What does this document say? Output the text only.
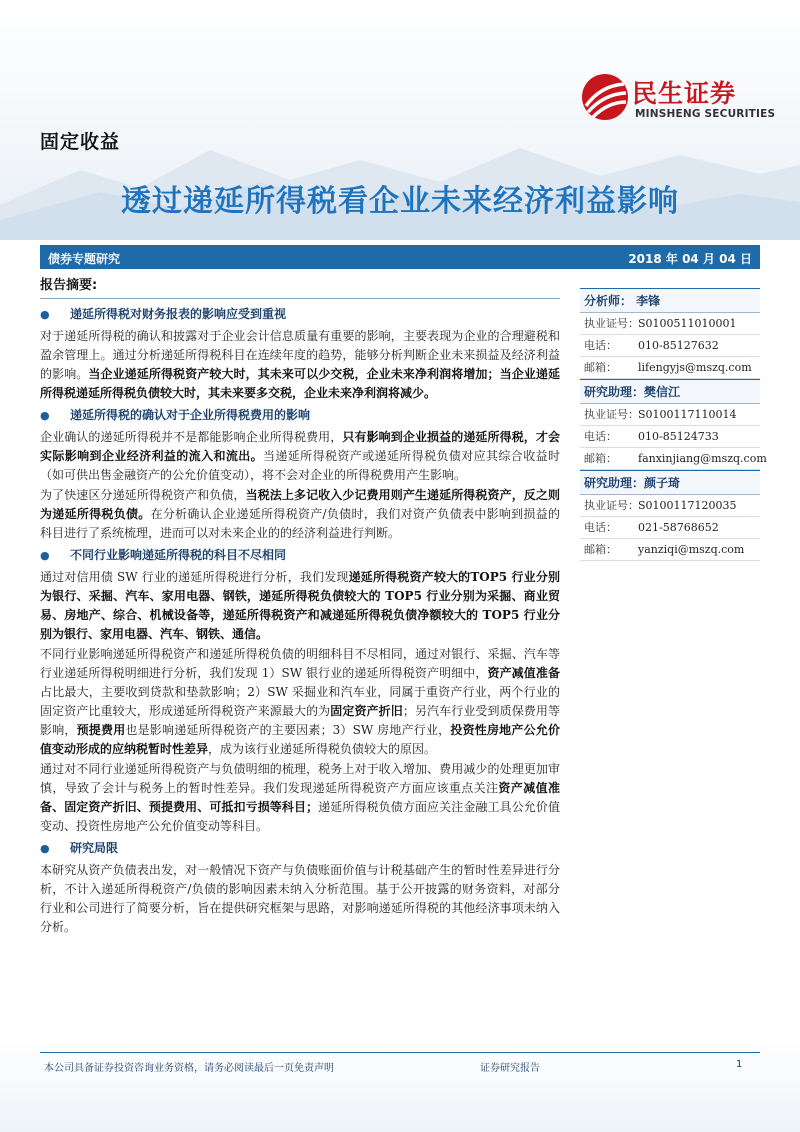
民生证券
MINSHENG SECURITIES
固定收益
透过递延所得税看企业未来经济利益影响
债券专题研究	2018 年 04 月 04 日
报告摘要:
● 递延所得税对财务报表的影响应受到重视

对于递延所得税的确认和披露对于企业会计信息质量有重要的影响，主要表现为企业的合理避税和盈余管理上。通过分析递延所得税科目在连续年度的趋势，能够分析判断企业未来损益及经济利益的影响。当企业递延所得税资产较大时，其未来可以少交税，企业未来净利润将增加；当企业递延所得税递延所得税负债较大时，其未来要多交税，企业未来净利润将减少。

● 递延所得税的确认对于企业所得税费用的影响

企业确认的递延所得税并不是都能影响企业所得税费用，只有影响到企业损益的递延所得税，才会实际影响到企业经济利益的流入和流出。当递延所得税资产或递延所得税负债对应其综合收益时（如可供出售金融资产的公允价值变动），将不会对企业的所得税费用产生影响。

为了快速区分递延所得税资产和负债，当税法上多记收入少记费用则产生递延所得税资产，反之则为递延所得税负债。在分析确认企业递延所得税资产/负债时，我们对资产负债表中影响到损益的科目进行了系统梳理，进而可以对未来企业的的经济利益进行判断。

● 不同行业影响递延所得税的科目不尽相同

通过对信用债 SW 行业的递延所得税进行分析，我们发现递延所得税资产较大的TOP5 行业分别为银行、采掘、汽车、家用电器、钢铁，递延所得税负债较大的 TOP5 行业分别为采掘、商业贸易、房地产、综合、机械设备等，递延所得税资产和减递延所得税负债净额较大的 TOP5 行业分别为银行、家用电器、汽车、钢铁、通信。

不同行业影响递延所得税资产和递延所得税负债的明细科目不尽相同，通过对银行、采掘、汽车等行业递延所得税明细进行分析，我们发现 1）SW 银行业的递延所得税资产明细中，资产减值准备占比最大，主要收到贷款和垫款影响；2）SW 采掘业和汽车业，同属于重资产行业，两个行业的固定资产比重较大，形成递延所得税资产来源最大的为固定资产折旧；另汽车行业受到质保费用等影响，预提费用也是影响递延所得税资产的主要因素；3）SW 房地产行业，投资性房地产公允价值变动形成的应纳税暂时性差异，成为该行业递延所得税负债较大的原因。

通过对不同行业递延所得税资产与负债明细的梳理，税务上对于收入增加、费用减少的处理更加审慎，导致了会计与税务上的暂时性差异。我们发现递延所得税资产方面应该重点关注资产减值准备、固定资产折旧、预提费用、可抵扣亏损等科目；递延所得税负债方面应关注金融工具公允价值变动、投资性房地产公允价值变动等科目。

● 研究局限

本研究从资产负债表出发，对一般情况下资产与负债账面价值与计税基础产生的暂时性差异进行分析，不计入递延所得税资产/负债的影响因素未纳入分析范围。基于公开披露的财务资料，对部分行业和公司进行了简要分析，旨在提供研究框架与思路，对影响递延所得税的其他经济事项未纳入分析。

分析师： 李锋
执业证号： S0100511010001
电话： 010-85127632
邮箱： lifengyjs@mszq.com
研究助理：樊信江
执业证号： S0100117110014
电话： 010-85124733
邮箱： fanxinjiang@mszq.com
研究助理：颜子琦
执业证号： S0100117120035
电话： 021-58768652
邮箱： yanziqi@mszq.com
本公司具备证券投资咨询业务资格，请务必阅读最后一页免责声明	证券研究报告	1
